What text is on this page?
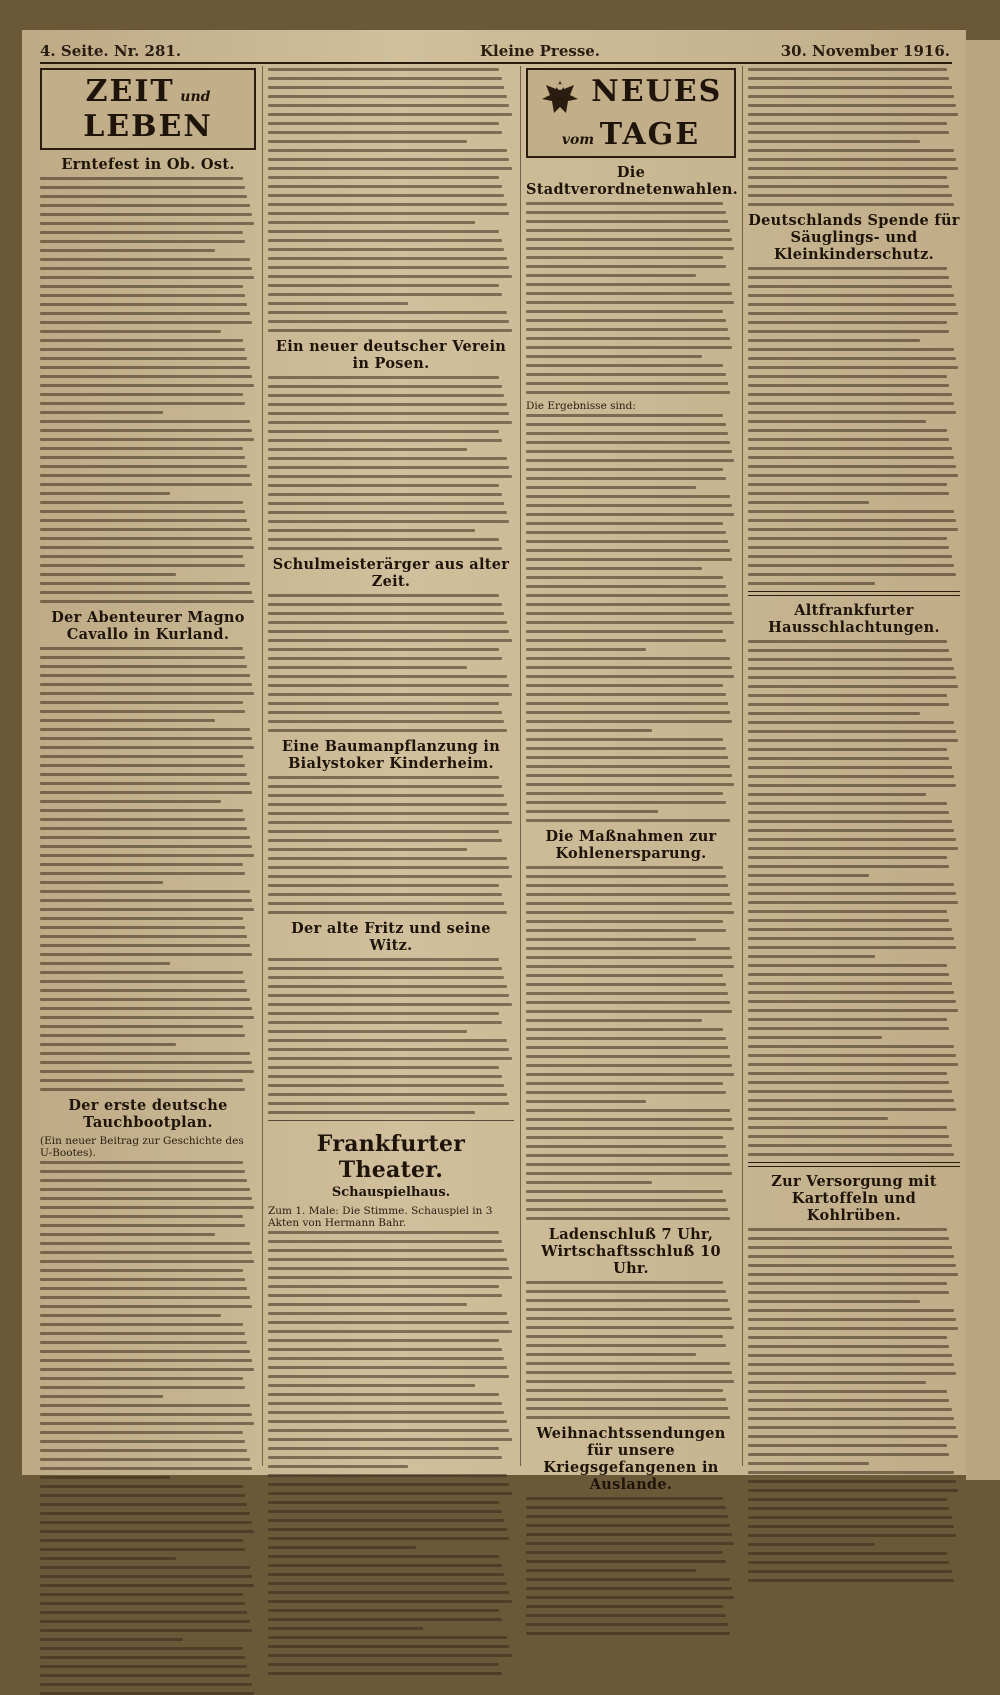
4. Seite. Nr. 281.	Kleine Presse.	30. November 1916.
ZEIT und LEBEN
Erntefest in Ob. Ost.
Der Abenteurer Magno Cavallo in Kurland.
Der erste deutsche Tauchbootplan.
(Ein neuer Beitrag zur Geschichte des U-Bootes).
Ein neuer deutscher Verein in Posen.
Schulmeisterärger aus alter Zeit.
Eine Baumanpflanzung in Bialystoker Kinderheim.
Der alte Fritz und seine Witz.
Frankfurter Theater.
Schauspielhaus.
Zum 1. Male: Die Stimme. Schauspiel in 3 Akten von Hermann Bahr.
NEUES vom TAGE
Die Stadtverordnetenwahlen.
Die Ergebnisse sind:
Die Maßnahmen zur Kohlenersparung.
Ladenschluß 7 Uhr, Wirtschaftsschluß 10 Uhr.
Weihnachtssendungen für unsere Kriegsgefangenen in Auslande.
Deutschlands Spende für Säuglings- und Kleinkinderschutz.
Altfrankfurter Hausschlachtungen.
Zur Versorgung mit Kartoffeln und Kohlrüben.
